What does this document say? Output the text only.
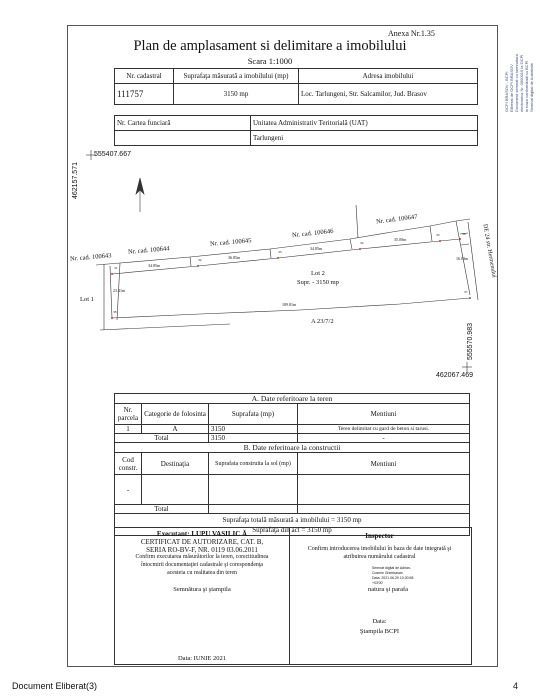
OCPI BRASOV - BCPI Eliberat de OCPI BRASOV Document semnat cu semnatura electronica Nr. 0000019 la OCPI in baza conformitatii cu BCPI Semnat digital de Autoritate
Anexa Nr.1.35
Plan de amplasament si delimitare a imobilului
Scara 1:1000
Nr. cadastral	Suprafaţa măsurată a imobilului (mp)	Adresa imobilului
111757	3150 mp	Loc. Tarlungeni, Str. Salcamilor, Jud. Brasov
Nr. Cartea funciară	Unitatea Administrativ Teritorială (UAT)
	Tarlungeni
555407.667
462157.571
555570.983
462067.469
Nr. cad. 100643
Nr. cad. 100644
Nr. cad. 100645
Nr. cad. 100646
Nr. cad. 100647
DE 24 str. Hermenului
Lot 1
Lot 2
Supr. - 3150 mp
A 23/7/2
34.85m
36.85m
34.85m
35.00m
189.81m
23.41m
16.03m
31
32
33
34
35	36
37
38
A. Date referitoare la teren			
Nr. parcela	Categorie de folosinta	Suprafata (mp)	Mentiuni
1	A	3150	Teren delimitat cu gard de beton si tarusi.
Total		3150	-
B. Date referitoare la constructii			
Cod constr.	Destinaţia	Suprafata construita la sol (mp)	Mentiuni
-			
Total			

Suprafaţa totală măsurată a imobilului = 3150 mp
Suprafaţa din act = 3150 mp			
Executant: LUPU VASILIC Ă
CERTIFICAT DE AUTORIZARE, CAT. B,
SERIA RO-BV-F, NR. 0119 03.06.2011
Confirm executarea măsurătorilor la teren, corectitudinea
întocmirii documentaţiei cadastrale şi corespondenţa
acesteia cu realitatea din teren
Semnătura şi ştampila
Data: IUNIE 2021
Inspector
Confirm introducerea imobilului în baza de date integrată şi
atribuirea numărului cadastral
Semnat digital de Adrian-
Cosmin Ghimbasan
Data: 2021.06.29 10:30:58
+03'00'
natura şi parafa
Data:
Ştampila BCPI
Document Eliberat(3)	4
